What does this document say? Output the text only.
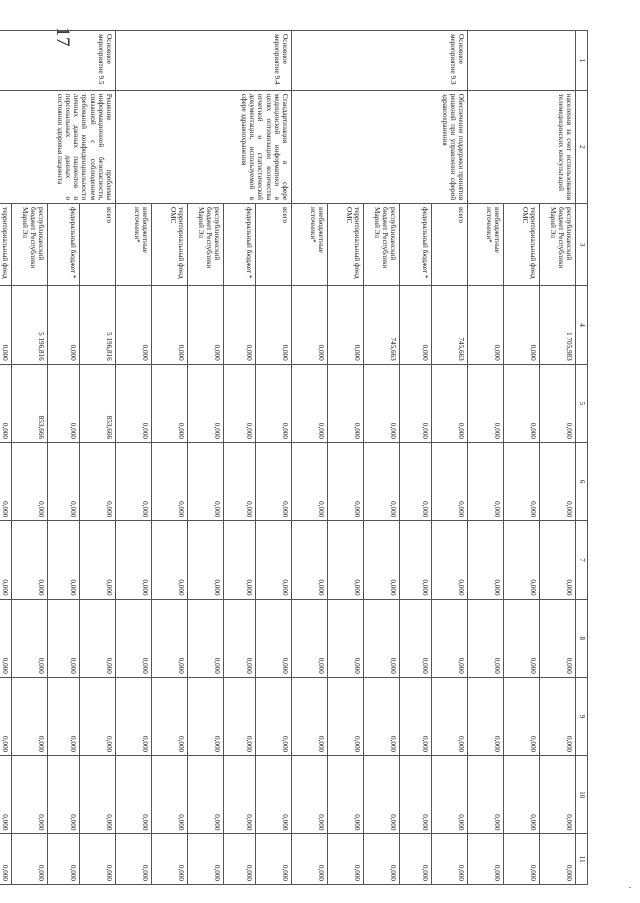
17
1	2	3	4	5	6	7	8	9	10	11
	населения за счет использования телемедицинских консультаций	республиканский бюджет Республики Марий Эл	1 705,983	0,000	0,000	0,000	0,000	0,000	0,000	0,000
		территориальный фонд ОМС	0,000	0,000	0,000	0,000	0,000	0,000	0,000	0,000
		внебюджетные источники*	0,000	0,000	0,000	0,000	0,000	0,000	0,000	0,000
Основное мероприятие 9.3	Обеспечение поддержки принятия решений при управлении сферой здравоохранения	всего	745,663	0,000	0,000	0,000	0,000	0,000	0,000	0,000
		федеральный бюджет *	0,000	0,000	0,000	0,000	0,000	0,000	0,000	0,000
		республиканский бюджет Республики Марий Эл	745,663	0,000	0,000	0,000	0,000	0,000	0,000	0,000
		территориальный фонд ОМС	0,000	0,000	0,000	0,000	0,000	0,000	0,000	0,000
		внебюджетные источники*	0,000	0,000	0,000	0,000	0,000	0,000	0,000	0,000
Основное мероприятие 9.4	Стандартизация в сфере медицинской информатики в целях оптимизации количества отчетной и статистической документации, используемой в сфере здравоохранения	всего	0,000	0,000	0,000	0,000	0,000	0,000	0,000	0,000
		федеральный бюджет *	0,000	0,000	0,000	0,000	0,000	0,000	0,000	0,000
		республиканский бюджет Республики Марий Эл	0,000	0,000	0,000	0,000	0,000	0,000	0,000	0,000
		территориальный фонд ОМС	0,000	0,000	0,000	0,000	0,000	0,000	0,000	0,000
		внебюджетные источники*	0,000	0,000	0,000	0,000	0,000	0,000	0,000	0,000
Основное мероприятие 9.5	Решение проблемы информационной безопасности, связанной с соблюдением требований конфиденциальности личных данных пациентов и персональных данных о состоянии здоровья пациента	всего	5 196,816	853,666	0,000	0,000	0,000	0,000	0,000	0,000
		федеральный бюджет *	0,000	0,000	0,000	0,000	0,000	0,000	0,000	0,000
		республиканский бюджет Республики Марий Эл	5 196,816	853,666	0,000	0,000	0,000	0,000	0,000	0,000
		территориальный фонд	0,000	0,000	0,000	0,000	0,000	0,000	0,000	0,000
